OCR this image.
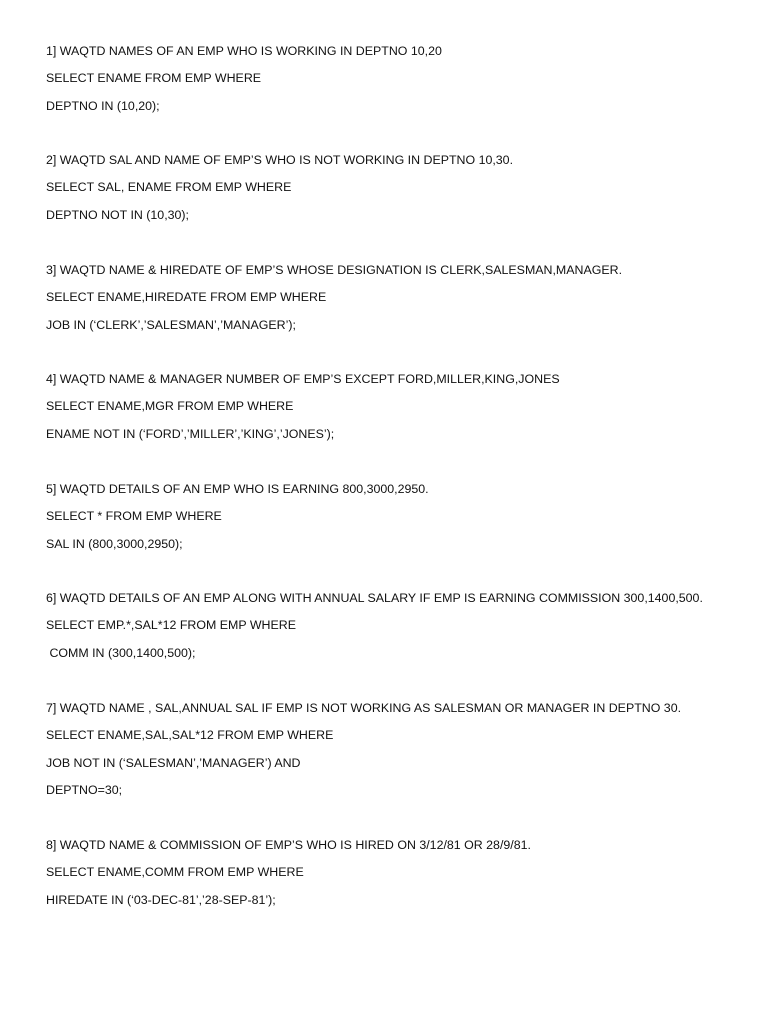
1] WAQTD NAMES OF AN EMP WHO IS WORKING IN DEPTNO 10,20
SELECT ENAME FROM EMP WHERE
DEPTNO IN (10,20);
2] WAQTD SAL AND NAME OF EMP’S WHO IS NOT WORKING IN DEPTNO 10,30.
SELECT SAL, ENAME FROM EMP WHERE
DEPTNO NOT IN (10,30);
3] WAQTD NAME & HIREDATE OF EMP’S WHOSE DESIGNATION IS CLERK,SALESMAN,MANAGER.
SELECT ENAME,HIREDATE FROM EMP WHERE
JOB IN (‘CLERK’,’SALESMAN’,’MANAGER’);
4] WAQTD NAME & MANAGER NUMBER OF EMP’S EXCEPT FORD,MILLER,KING,JONES
SELECT ENAME,MGR FROM EMP WHERE
ENAME NOT IN (‘FORD’,’MILLER’,’KING’,’JONES’);
5] WAQTD DETAILS OF AN EMP WHO IS EARNING 800,3000,2950.
SELECT * FROM EMP WHERE
SAL IN (800,3000,2950);
6] WAQTD DETAILS OF AN EMP ALONG WITH ANNUAL SALARY IF EMP IS EARNING COMMISSION 300,1400,500.
SELECT EMP.*,SAL*12 FROM EMP WHERE
COMM IN (300,1400,500);
7] WAQTD NAME , SAL,ANNUAL SAL IF EMP IS NOT WORKING AS SALESMAN OR MANAGER IN DEPTNO 30.
SELECT ENAME,SAL,SAL*12 FROM EMP WHERE
JOB NOT IN (‘SALESMAN’,’MANAGER’) AND
DEPTNO=30;
8] WAQTD NAME & COMMISSION OF EMP’S WHO IS HIRED ON 3/12/81 OR 28/9/81.
SELECT ENAME,COMM FROM EMP WHERE
HIREDATE IN (‘03-DEC-81’,’28-SEP-81’);
